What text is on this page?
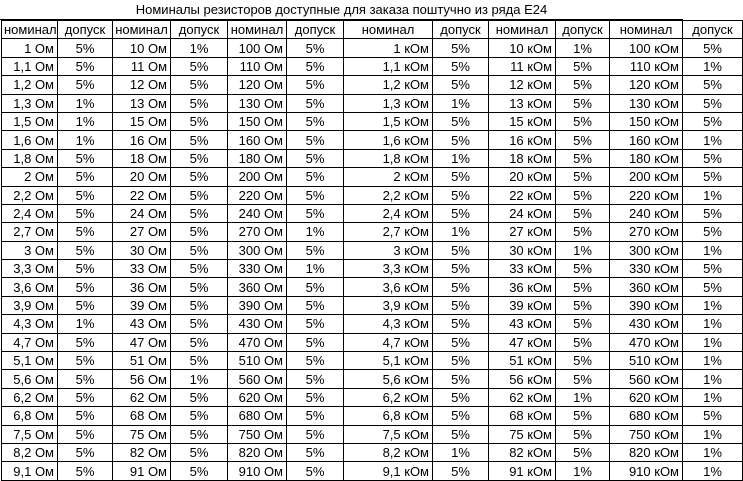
Номиналы резисторов доступные для заказа поштучно из ряда E24
номинал	допуск	номинал	допуск	номинал	допуск	номинал	допуск	номинал	допуск	номинал	допуск
1 Ом	5%	10 Ом	1%	100 Ом	5%	1 кОм	5%	10 кОм	1%	100 кОм	5%
1,1 Ом	5%	11 Ом	5%	110 Ом	5%	1,1 кОм	5%	11 кОм	5%	110 кОм	1%
1,2 Ом	5%	12 Ом	5%	120 Ом	5%	1,2 кОм	5%	12 кОм	5%	120 кОм	5%
1,3 Ом	1%	13 Ом	5%	130 Ом	5%	1,3 кОм	1%	13 кОм	5%	130 кОм	5%
1,5 Ом	1%	15 Ом	5%	150 Ом	5%	1,5 кОм	5%	15 кОм	5%	150 кОм	5%
1,6 Ом	1%	16 Ом	5%	160 Ом	5%	1,6 кОм	5%	16 кОм	5%	160 кОм	1%
1,8 Ом	5%	18 Ом	5%	180 Ом	5%	1,8 кОм	1%	18 кОм	5%	180 кОм	5%
2 Ом	5%	20 Ом	5%	200 Ом	5%	2 кОм	5%	20 кОм	5%	200 кОм	5%
2,2 Ом	5%	22 Ом	5%	220 Ом	5%	2,2 кОм	5%	22 кОм	5%	220 кОм	1%
2,4 Ом	5%	24 Ом	5%	240 Ом	5%	2,4 кОм	5%	24 кОм	5%	240 кОм	5%
2,7 Ом	5%	27 Ом	5%	270 Ом	1%	2,7 кОм	1%	27 кОм	5%	270 кОм	5%
3 Ом	5%	30 Ом	5%	300 Ом	5%	3 кОм	5%	30 кОм	1%	300 кОм	1%
3,3 Ом	5%	33 Ом	5%	330 Ом	1%	3,3 кОм	5%	33 кОм	5%	330 кОм	5%
3,6 Ом	5%	36 Ом	5%	360 Ом	5%	3,6 кОм	5%	36 кОм	5%	360 кОм	5%
3,9 Ом	5%	39 Ом	5%	390 Ом	5%	3,9 кОм	5%	39 кОм	5%	390 кОм	1%
4,3 Ом	1%	43 Ом	5%	430 Ом	5%	4,3 кОм	5%	43 кОм	5%	430 кОм	1%
4,7 Ом	5%	47 Ом	5%	470 Ом	5%	4,7 кОм	5%	47 кОм	5%	470 кОм	1%
5,1 Ом	5%	51 Ом	5%	510 Ом	5%	5,1 кОм	5%	51 кОм	5%	510 кОм	1%
5,6 Ом	5%	56 Ом	1%	560 Ом	5%	5,6 кОм	5%	56 кОм	5%	560 кОм	1%
6,2 Ом	5%	62 Ом	5%	620 Ом	5%	6,2 кОм	5%	62 кОм	1%	620 кОм	1%
6,8 Ом	5%	68 Ом	5%	680 Ом	5%	6,8 кОм	5%	68 кОм	5%	680 кОм	5%
7,5 Ом	5%	75 Ом	5%	750 Ом	5%	7,5 кОм	5%	75 кОм	5%	750 кОм	1%
8,2 Ом	5%	82 Ом	5%	820 Ом	5%	8,2 кОм	1%	82 кОм	5%	820 кОм	1%
9,1 Ом	5%	91 Ом	5%	910 Ом	5%	9,1 кОм	5%	91 кОм	1%	910 кОм	1%
